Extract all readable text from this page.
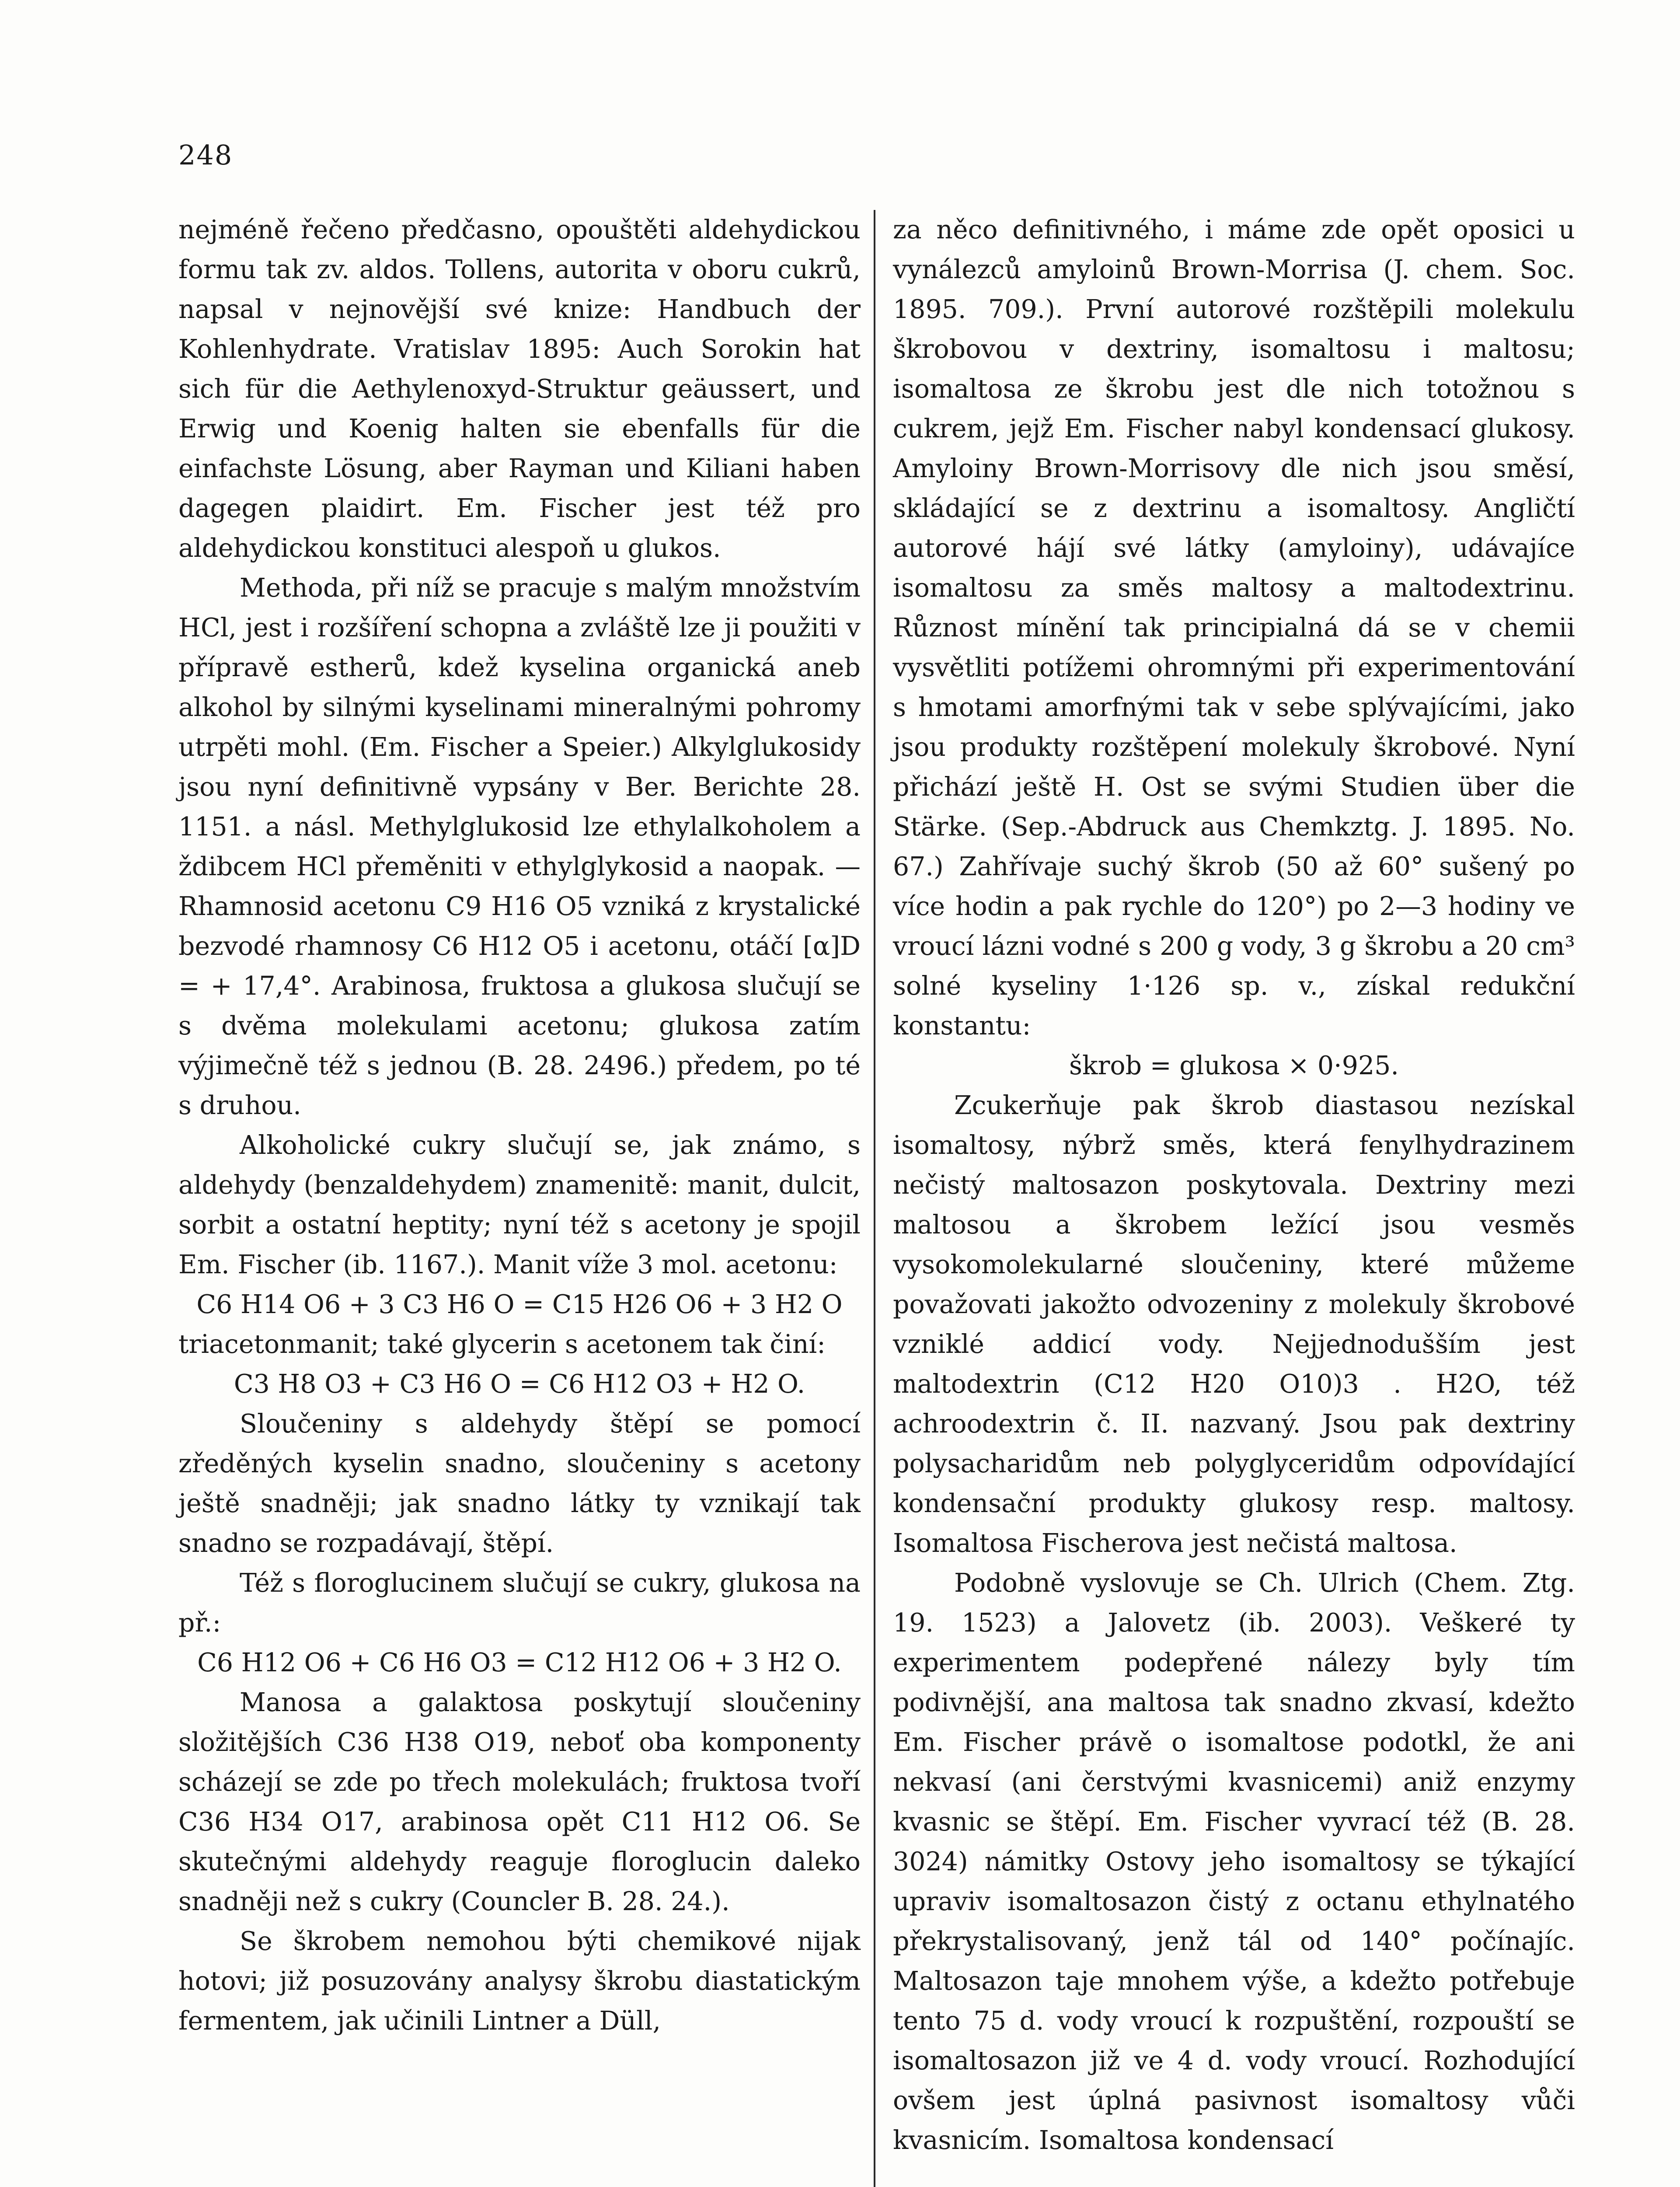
248

nejméně řečeno předčasno, opouštěti aldehydickou formu tak zv. aldos. Tollens, autorita v oboru cukrů, napsal v nejnovější své knize: Handbuch der Kohlenhydrate. Vratislav 1895: Auch Sorokin hat sich für die Aethylenoxyd-Struktur geäussert, und Erwig und Koenig halten sie ebenfalls für die einfachste Lösung, aber Rayman und Kiliani haben dagegen plaidirt. Em. Fischer jest též pro aldehydickou konstituci alespoň u glukos.

Methoda, při níž se pracuje s malým množstvím HCl, jest i rozšíření schopna a zvláště lze ji použiti v přípravě estherů, kdež kyselina organická aneb alkohol by silnými kyselinami mineralnými pohromy utrpěti mohl. (Em. Fischer a Speier.) Alkylglukosidy jsou nyní definitivně vypsány v Ber. Berichte 28. 1151. a násl. Methylglukosid lze ethylalkoholem a ždibcem HCl přeměniti v ethylglykosid a naopak. — Rhamnosid acetonu C9 H16 O5 vzniká z krystalické bezvodé rhamnosy C6 H12 O5 i acetonu, otáčí [α]D = + 17,4°. Arabinosa, fruktosa a glukosa slučují se s dvěma molekulami acetonu; glukosa zatím výjimečně též s jednou (B. 28. 2496.) předem, po té s druhou.

Alkoholické cukry slučují se, jak známo, s aldehydy (benzaldehydem) znamenitě: manit, dulcit, sorbit a ostatní heptity; nyní též s acetony je spojil Em. Fischer (ib. 1167.). Manit víže 3 mol. acetonu:

C6 H14 O6 + 3 C3 H6 O = C15 H26 O6 + 3 H2 O

triacetonmanit; také glycerin s acetonem tak činí:

C3 H8 O3 + C3 H6 O = C6 H12 O3 + H2 O.

Sloučeniny s aldehydy štěpí se pomocí zředěných kyselin snadno, sloučeniny s acetony ještě snadněji; jak snadno látky ty vznikají tak snadno se rozpadávají, štěpí.

Též s floroglucinem slučují se cukry, glukosa na př.:

C6 H12 O6 + C6 H6 O3 = C12 H12 O6 + 3 H2 O.

Manosa a galaktosa poskytují sloučeniny složitějších C36 H38 O19, neboť oba komponenty scházejí se zde po třech molekulách; fruktosa tvoří C36 H34 O17, arabinosa opět C11 H12 O6. Se skutečnými aldehydy reaguje floroglucin daleko snadněji než s cukry (Councler B. 28. 24.).

Se škrobem nemohou býti chemikové nijak hotovi; již posuzovány analysy škrobu diastatickým fermentem, jak učinili Lintner a Düll,

za něco definitivného, i máme zde opět oposici u vynálezců amyloinů Brown-Morrisa (J. chem. Soc. 1895. 709.). První autorové rozštěpili molekulu škrobovou v dextriny, isomaltosu i maltosu; isomaltosa ze škrobu jest dle nich totožnou s cukrem, jejž Em. Fischer nabyl kondensací glukosy. Amyloiny Brown-Morrisovy dle nich jsou směsí, skládající se z dextrinu a isomaltosy. Angličtí autorové hájí své látky (amyloiny), udávajíce isomaltosu za směs maltosy a maltodextrinu. Různost mínění tak principialná dá se v chemii vysvětliti potížemi ohromnými při experimentování s hmotami amorfnými tak v sebe splývajícími, jako jsou produkty rozštěpení molekuly škrobové. Nyní přichází ještě H. Ost se svými Studien über die Stärke. (Sep.-Abdruck aus Chemkztg. J. 1895. No. 67.) Zahřívaje suchý škrob (50 až 60° sušený po více hodin a pak rychle do 120°) po 2—3 hodiny ve vroucí lázni vodné s 200 g vody, 3 g škrobu a 20 cm³ solné kyseliny 1·126 sp. v., získal redukční konstantu:

škrob = glukosa × 0·925.

Zcukerňuje pak škrob diastasou nezískal isomaltosy, nýbrž směs, která fenylhydrazinem nečistý maltosazon poskytovala. Dextriny mezi maltosou a škrobem ležící jsou vesměs vysokomolekularné sloučeniny, které můžeme považovati jakožto odvozeniny z molekuly škrobové vzniklé addicí vody. Nejjednodušším jest maltodextrin (C12 H20 O10)3 . H2O, též achroodextrin č. II. nazvaný. Jsou pak dextriny polysacharidům neb polyglyceridům odpovídající kondensační produkty glukosy resp. maltosy. Isomaltosa Fischerova jest nečistá maltosa.

Podobně vyslovuje se Ch. Ulrich (Chem. Ztg. 19. 1523) a Jalovetz (ib. 2003). Veškeré ty experimentem podepřené nálezy byly tím podivnější, ana maltosa tak snadno zkvasí, kdežto Em. Fischer právě o isomaltose podotkl, že ani nekvasí (ani čerstvými kvasnicemi) aniž enzymy kvasnic se štěpí. Em. Fischer vyvrací též (B. 28. 3024) námitky Ostovy jeho isomaltosy se týkající upraviv isomaltosazon čistý z octanu ethylnatého překrystalisovaný, jenž tál od 140° počínajíc. Maltosazon taje mnohem výše, a kdežto potřebuje tento 75 d. vody vroucí k rozpuštění, rozpouští se isomaltosazon již ve 4 d. vody vroucí. Rozhodující ovšem jest úplná pasivnost isomaltosy vůči kvasnicím. Isomaltosa kondensací
